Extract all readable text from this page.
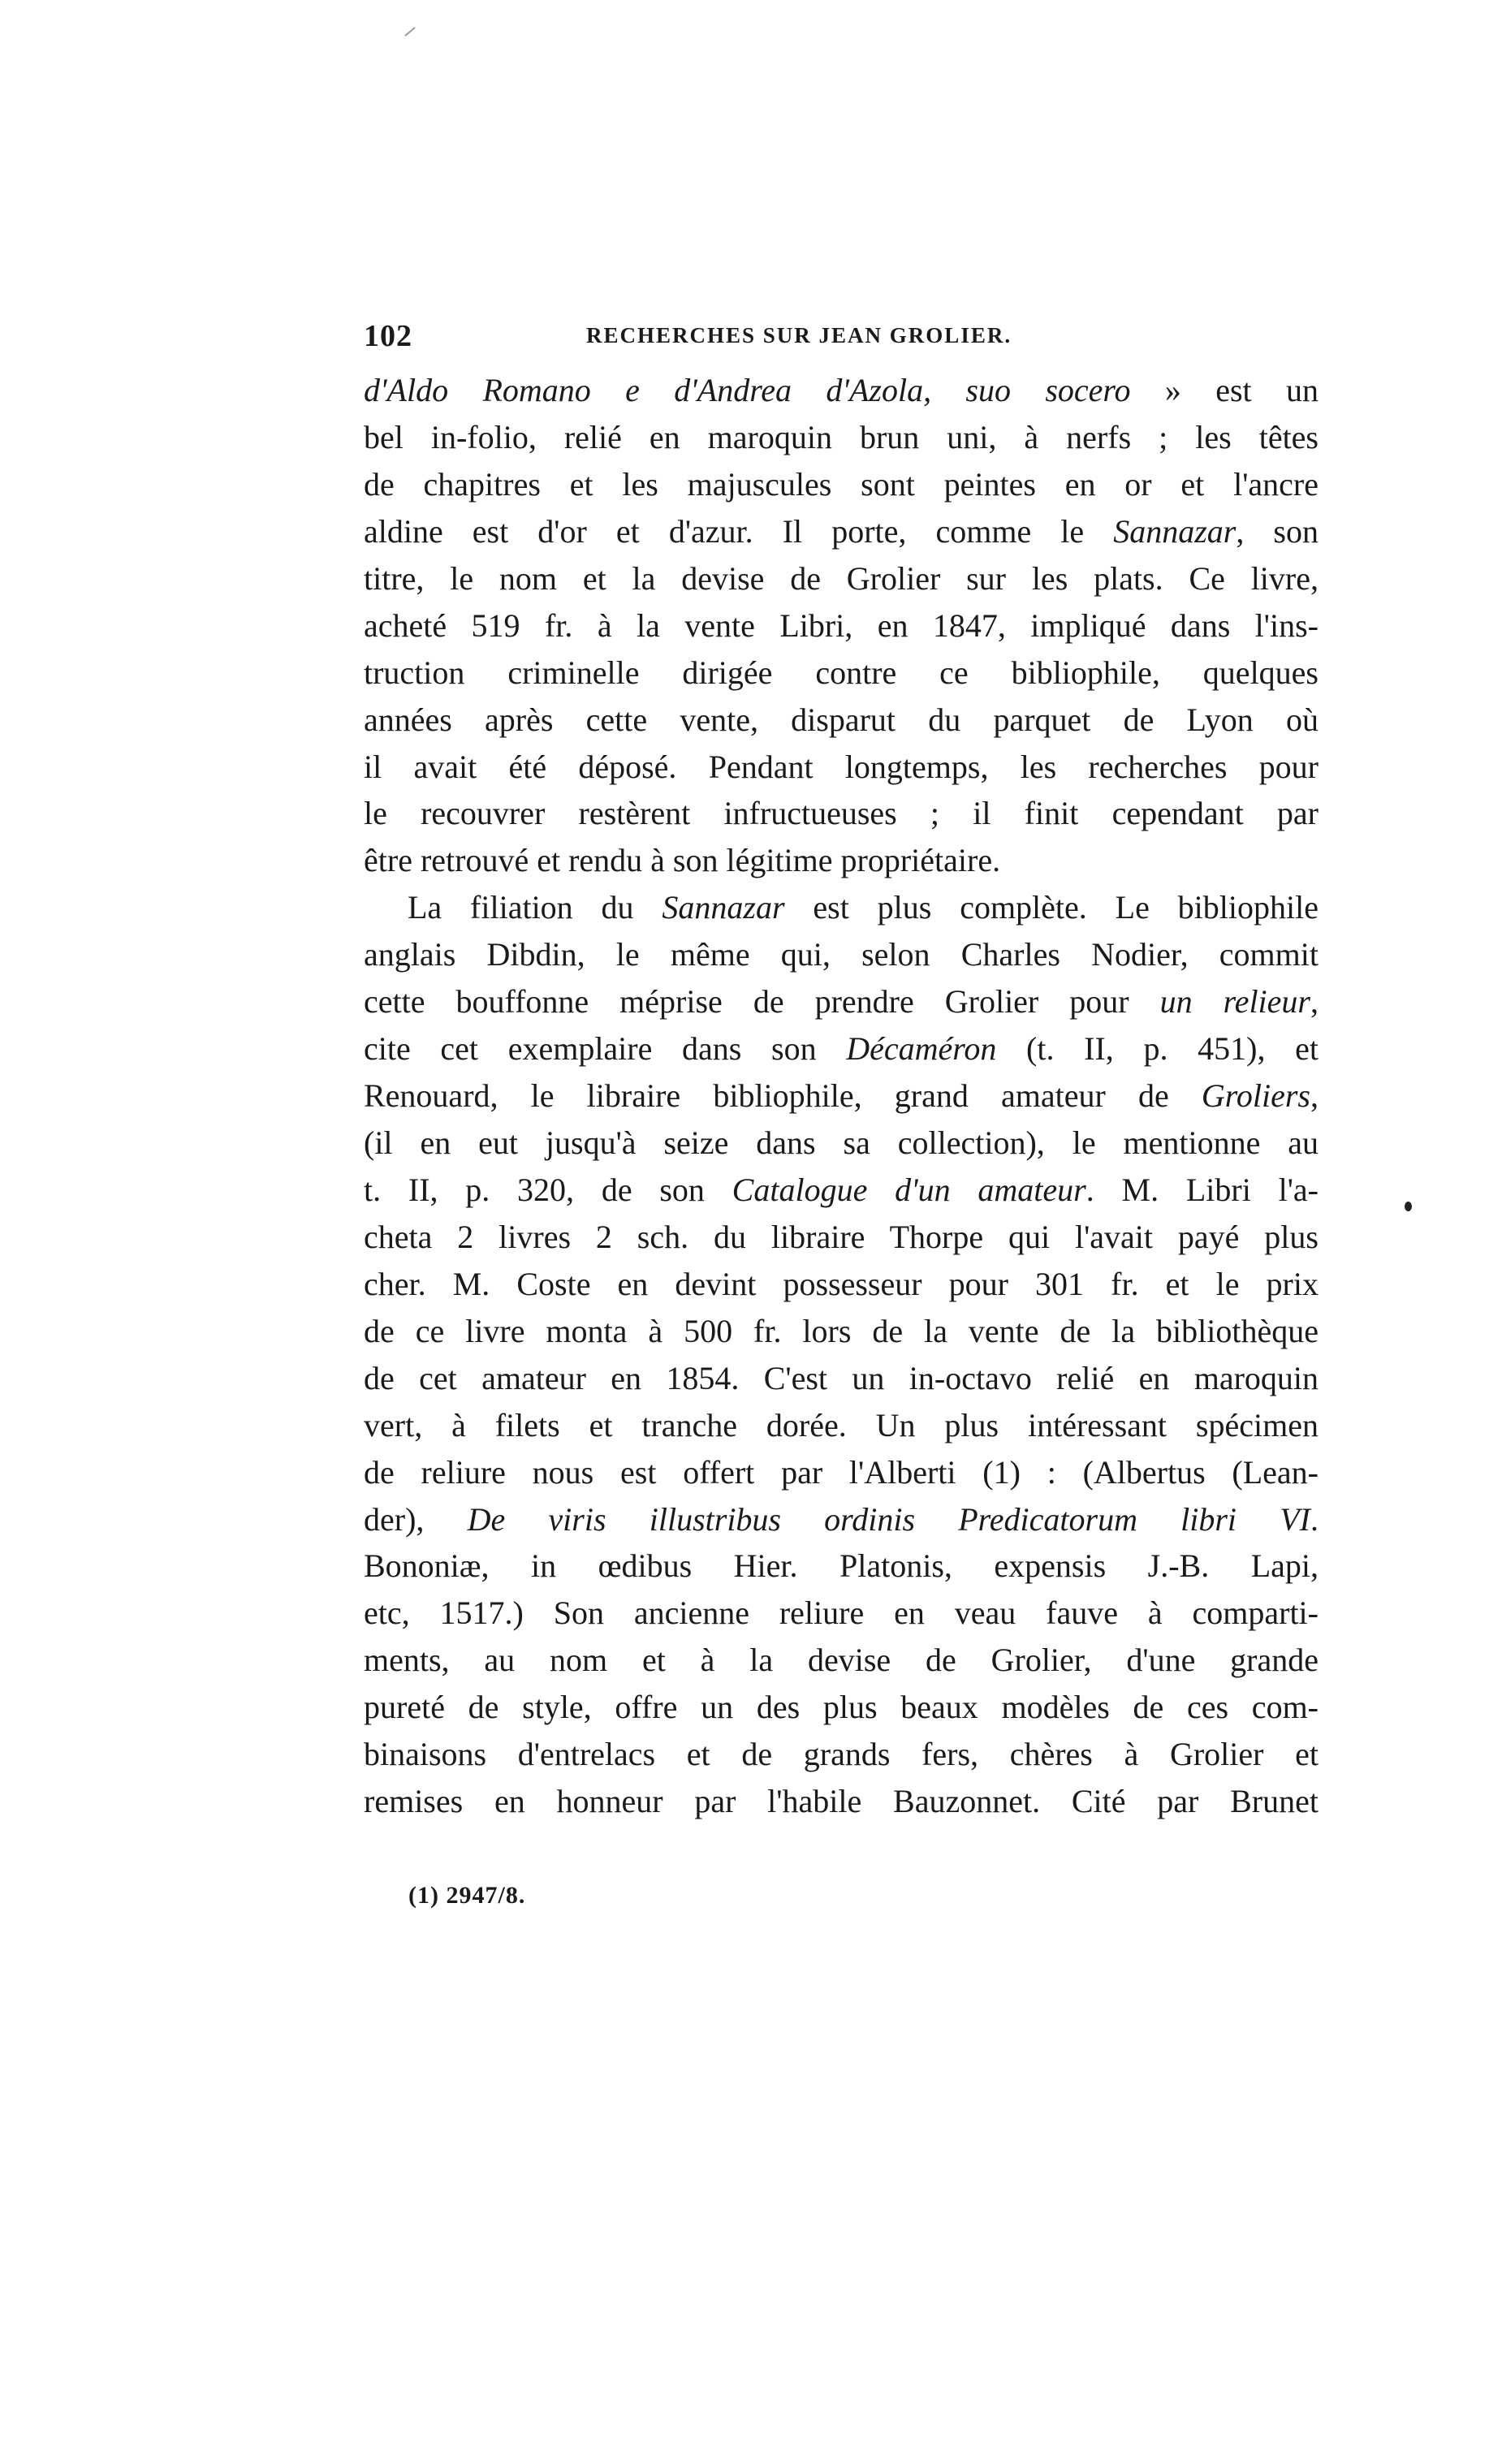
102	RECHERCHES SUR JEAN GROLIER.
d'Aldo Romano e d'Andrea d'Azola, suo socero » est un
bel in-folio, relié en maroquin brun uni, à nerfs ; les têtes
de chapitres et les majuscules sont peintes en or et l'ancre
aldine est d'or et d'azur. Il porte, comme le Sannazar, son
titre, le nom et la devise de Grolier sur les plats. Ce livre,
acheté 519 fr. à la vente Libri, en 1847, impliqué dans l'ins-
truction criminelle dirigée contre ce bibliophile, quelques
années après cette vente, disparut du parquet de Lyon où
il avait été déposé. Pendant longtemps, les recherches pour
le recouvrer restèrent infructueuses ; il finit cependant par
être retrouvé et rendu à son légitime propriétaire.
La filiation du Sannazar est plus complète. Le bibliophile
anglais Dibdin, le même qui, selon Charles Nodier, commit
cette bouffonne méprise de prendre Grolier pour un relieur,
cite cet exemplaire dans son Décaméron (t. II, p. 451), et
Renouard, le libraire bibliophile, grand amateur de Groliers,
(il en eut jusqu'à seize dans sa collection), le mentionne au
t. II, p. 320, de son Catalogue d'un amateur. M. Libri l'a-
cheta 2 livres 2 sch. du libraire Thorpe qui l'avait payé plus
cher. M. Coste en devint possesseur pour 301 fr. et le prix
de ce livre monta à 500 fr. lors de la vente de la bibliothèque
de cet amateur en 1854. C'est un in-octavo relié en maroquin
vert, à filets et tranche dorée. Un plus intéressant spécimen
de reliure nous est offert par l'Alberti (1) : (Albertus (Lean-
der), De viris illustribus ordinis Predicatorum libri VI.
Bononiæ, in œdibus Hier. Platonis, expensis J.-B. Lapi,
etc, 1517.) Son ancienne reliure en veau fauve à comparti-
ments, au nom et à la devise de Grolier, d'une grande
pureté de style, offre un des plus beaux modèles de ces com-
binaisons d'entrelacs et de grands fers, chères à Grolier et
remises en honneur par l'habile Bauzonnet. Cité par Brunet
(1) 2947/8.
